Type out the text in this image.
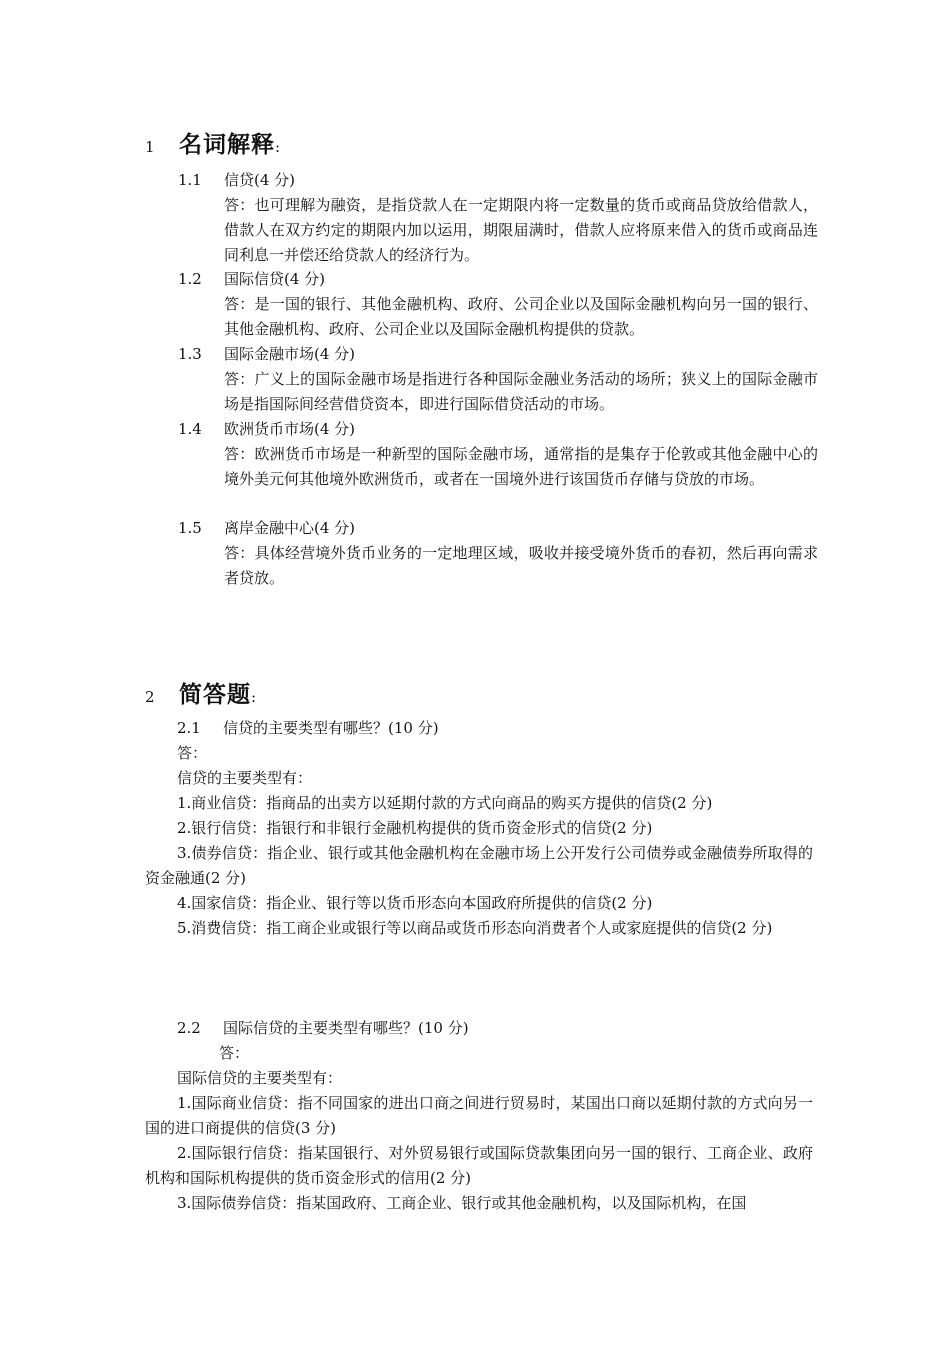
1	名词解释 :
1.1	信贷(4 分)
答：也可理解为融资，是指贷款人在一定期限内将一定数量的货币或商品贷放给借款人，借款人在双方约定的期限内加以运用，期限届满时，借款人应将原来借入的货币或商品连同利息一并偿还给贷款人的经济行为。
1.2	国际信贷(4 分)
答：是一国的银行、其他金融机构、政府、公司企业以及国际金融机构向另一国的银行、其他金融机构、政府、公司企业以及国际金融机构提供的贷款。
1.3	国际金融市场(4 分)
答：广义上的国际金融市场是指进行各种国际金融业务活动的场所；狭义上的国际金融市场是指国际间经营借贷资本，即进行国际借贷活动的市场。
1.4	欧洲货币市场(4 分)
答：欧洲货币市场是一种新型的国际金融市场，通常指的是集存于伦敦或其他金融中心的境外美元何其他境外欧洲货币，或者在一国境外进行该国货币存储与贷放的市场。
1.5	离岸金融中心(4 分)
答：具体经营境外货币业务的一定地理区域，吸收并接受境外货币的春初，然后再向需求者贷放。
2	简答题 :
2.1	信贷的主要类型有哪些？(10 分)
答：
信贷的主要类型有：

1.商业信贷：指商品的出卖方以延期付款的方式向商品的购买方提供的信贷(2 分)

2.银行信贷：指银行和非银行金融机构提供的货币资金形式的信贷(2 分)

3.债券信贷：指企业、银行或其他金融机构在金融市场上公开发行公司债券或金融债券所取得的资金融通(2 分)

4.国家信贷：指企业、银行等以货币形态向本国政府所提供的信贷(2 分)

5.消费信贷：指工商企业或银行等以商品或货币形态向消费者个人或家庭提供的信贷(2 分)

2.2	国际信贷的主要类型有哪些？(10 分)
答：
国际信贷的主要类型有：

1.国际商业信贷：指不同国家的进出口商之间进行贸易时，某国出口商以延期付款的方式向另一国的进口商提供的信贷(3 分)

2.国际银行信贷：指某国银行、对外贸易银行或国际贷款集团向另一国的银行、工商企业、政府机构和国际机构提供的货币资金形式的信用(2 分)

3.国际债券信贷：指某国政府、工商企业、银行或其他金融机构，以及国际机构，在国
